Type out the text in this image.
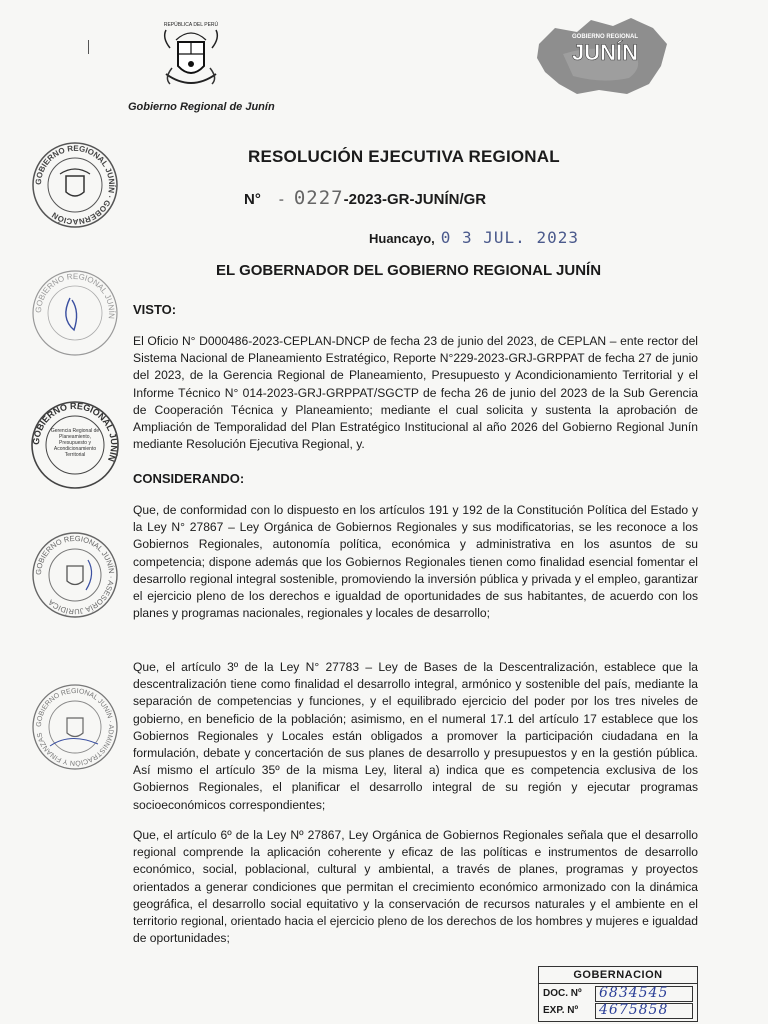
REPÚBLICA DEL PERÚ
Gobierno Regional de Junín
GOBIERNO REGIONAL
JUNÍN
RESOLUCIÓN EJECUTIVA REGIONAL
N° - 0227-2023-GR-JUNÍN/GR
Huancayo, 0 3 JUL. 2023
EL GOBERNADOR DEL GOBIERNO REGIONAL JUNÍN
VISTO:
El Oficio N° D000486-2023-CEPLAN-DNCP de fecha 23 de junio del 2023, de CEPLAN – ente rector del Sistema Nacional de Planeamiento Estratégico, Reporte N°229-2023-GRJ-GRPPAT de fecha 27 de junio del 2023, de la Gerencia Regional de Planeamiento, Presupuesto y Acondicionamiento Territorial y el Informe Técnico N° 014-2023-GRJ-GRPPAT/SGCTP de fecha 26 de junio del 2023 de la Sub Gerencia de Cooperación Técnica y Planeamiento; mediante el cual solicita y sustenta la aprobación de Ampliación de Temporalidad del Plan Estratégico Institucional al año 2026 del Gobierno Regional Junín mediante Resolución Ejecutiva Regional, y.
CONSIDERANDO:
Que, de conformidad con lo dispuesto en los artículos 191 y 192 de la Constitución Política del Estado y la Ley N° 27867 – Ley Orgánica de Gobiernos Regionales y sus modificatorias, se les reconoce a los Gobiernos Regionales, autonomía política, económica y administrativa en los asuntos de su competencia; dispone además que los Gobiernos Regionales tienen como finalidad esencial fomentar el desarrollo regional integral sostenible, promoviendo la inversión pública y privada y el empleo, garantizar el ejercicio pleno de los derechos e igualdad de oportunidades de sus habitantes, de acuerdo con los planes y programas nacionales, regionales y locales de desarrollo;
Que, el artículo 3º de la Ley N° 27783 – Ley de Bases de la Descentralización, establece que la descentralización tiene como finalidad el desarrollo integral, armónico y sostenible del país, mediante la separación de competencias y funciones, y el equilibrado ejercicio del poder por los tres niveles de gobierno, en beneficio de la población; asimismo, en el numeral 17.1 del artículo 17 establece que los Gobiernos Regionales y Locales están obligados a promover la participación ciudadana en la formulación, debate y concertación de sus planes de desarrollo y presupuestos y en la gestión pública. Así mismo el artículo 35º de la misma Ley, literal a) indica que es competencia exclusiva de los Gobiernos Regionales, el planificar el desarrollo integral de su región y ejecutar programas socioeconómicos correspondientes;
Que, el artículo 6º de la Ley Nº 27867, Ley Orgánica de Gobiernos Regionales señala que el desarrollo regional comprende la aplicación coherente y eficaz de las políticas e instrumentos de desarrollo económico, social, poblacional, cultural y ambiental, a través de planes, programas y proyectos orientados a generar condiciones que permitan el crecimiento económico armonizado con la dinámica geográfica, el desarrollo social equitativo y la conservación de recursos naturales y el ambiente en el territorio regional, orientado hacia el ejercicio pleno de los derechos de los hombres y mujeres e igualdad de oportunidades;
GOBIERNO REGIONAL JUNÍN · GOBERNACIÓN
GOBIERNO REGIONAL JUNÍN
GOBIERNO REGIONAL JUNÍN
Gerencia Regional de Planeamiento, Presupuesto y Acondicionamiento Territorial
GOBIERNO REGIONAL JUNÍN · ASESORÍA JURÍDICA
GOBIERNO REGIONAL JUNÍN · ADMINISTRACIÓN Y FINANZAS
GOBERNACION
DOC. Nº 6834545
EXP. Nº 4675858
